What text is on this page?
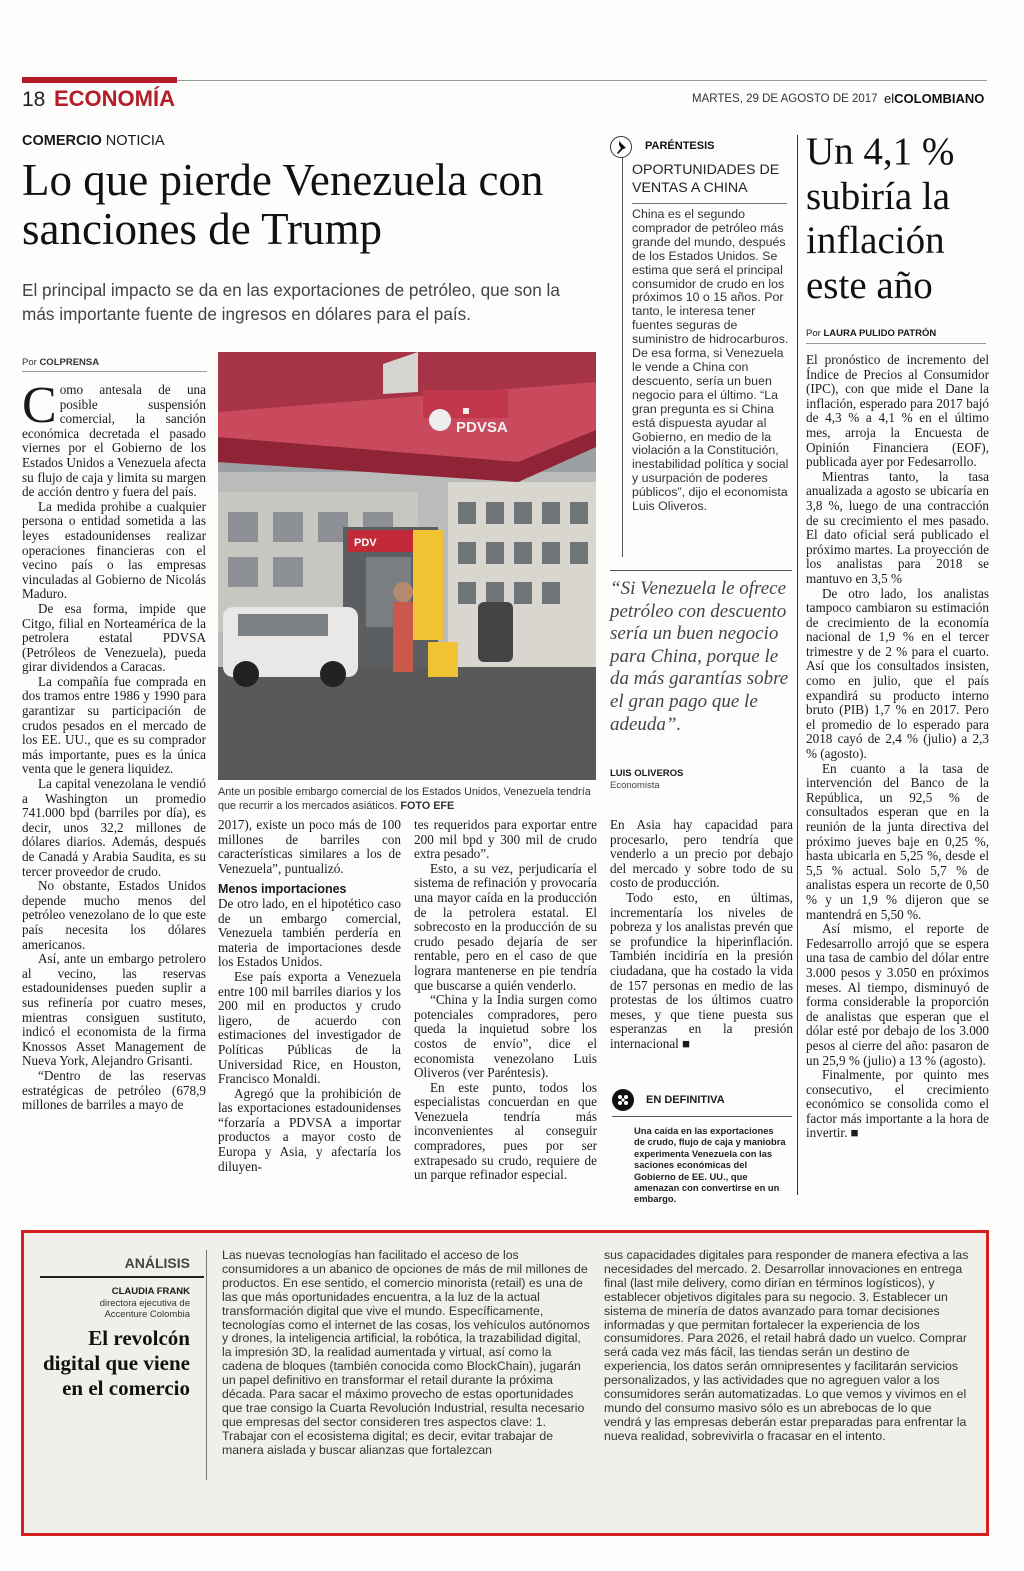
18 ECONOMÍA	MARTES, 29 DE AGOSTO DE 2017 elCOLOMBIANO
COMERCIO NOTICIA
Lo que pierde Venezuela con sanciones de Trump
El principal impacto se da en las exportaciones de petróleo, que son la más importante fuente de ingresos en dólares para el país.
Por COLPRENSA
PDVSA
PDV
Ante un posible embargo comercial de los Estados Unidos, Venezuela tendría que recurrir a los mercados asiáticos. FOTO EFE

Como antesala de una posible suspensión comercial, la sanción económica decretada el pasado viernes por el Gobierno de los Estados Unidos a Venezuela afecta su flujo de caja y limita su margen de acción dentro y fuera del país.

La medida prohibe a cualquier persona o entidad sometida a las leyes estadounidenses realizar operaciones financieras con el vecino país o las empresas vinculadas al Gobierno de Nicolás Maduro.

De esa forma, impide que Citgo, filial en Norteamérica de la petrolera estatal PDVSA (Petróleos de Venezuela), pueda girar dividendos a Caracas.

La compañía fue comprada en dos tramos entre 1986 y 1990 para garantizar su participación de crudos pesados en el mercado de los EE. UU., que es su comprador más importante, pues es la única venta que le genera liquidez.

La capital venezolana le vendió a Washington un promedio 741.000 bpd (barriles por día), es decir, unos 32,2 millones de dólares diarios. Además, después de Canadá y Arabia Saudita, es su tercer proveedor de crudo.

No obstante, Estados Unidos depende mucho menos del petróleo venezolano de lo que este país necesita los dólares americanos.

Así, ante un embargo petrolero al vecino, las reservas estadounidenses pueden suplir a sus refinería por cuatro meses, mientras consiguen sustituto, indicó el economista de la firma Knossos Asset Management de Nueva York, Alejandro Grisanti.

“Dentro de las reservas estratégicas de petróleo (678,9 millones de barriles a mayo de

2017), existe un poco más de 100 millones de barriles con características similares a los de Venezuela”, puntualizó.

Menos importaciones

De otro lado, en el hipotético caso de un embargo comercial, Venezuela también perdería en materia de importaciones desde los Estados Unidos.

Ese país exporta a Venezuela entre 100 mil barriles diarios y los 200 mil en productos y crudo ligero, de acuerdo con estimaciones del investigador de Políticas Públicas de la Universidad Rice, en Houston, Francisco Monaldi.

Agregó que la prohibición de las exportaciones estadounidenses “forzaría a PDVSA a importar productos a mayor costo de Europa y Asia, y afectaría los diluyen-

tes requeridos para exportar entre 200 mil bpd y 300 mil de crudo extra pesado”.

Esto, a su vez, perjudicaría el sistema de refinación y provocaría una mayor caída en la producción de la petrolera estatal. El sobrecosto en la producción de su crudo pesado dejaría de ser rentable, pero en el caso de que lograra mantenerse en pie tendría que buscarse a quién venderlo.

“China y la India surgen como potenciales compradores, pero queda la inquietud sobre los costos de envío”, dice el economista venezolano Luis Oliveros (ver Paréntesis).

En este punto, todos los especialistas concuerdan en que Venezuela tendría más inconvenientes al conseguir compradores, pues por ser extrapesado su crudo, requiere de un parque refinador especial.

PARÉNTESIS
OPORTUNIDADES DE VENTAS A CHINA
China es el segundo comprador de petróleo más grande del mundo, después de los Estados Unidos. Se estima que será el principal consumidor de crudo en los próximos 10 o 15 años. Por tanto, le interesa tener fuentes seguras de suministro de hidrocarburos. De esa forma, si Venezuela le vende a China con descuento, sería un buen negocio para el último. “La gran pregunta es si China está dispuesta ayudar al Gobierno, en medio de la violación a la Constitución, inestabilidad política y social y usurpación de poderes públicos”, dijo el economista Luis Oliveros.
“Si Venezuela le ofrece petróleo con descuento sería un buen negocio para China, porque le da más garantías sobre el gran pago que le adeuda”.
LUIS OLIVEROS
Economista

En Asia hay capacidad para procesarlo, pero tendría que venderlo a un precio por debajo del mercado y sobre todo de su costo de producción.

Todo esto, en últimas, incrementaría los niveles de pobreza y los analistas prevén que se profundice la hiperinflación. También incidiría en la presión ciudadana, que ha costado la vida de 157 personas en medio de las protestas de los últimos cuatro meses, y que tiene puesta sus esperanzas en la presión internacional ■

EN DEFINITIVA
Una caída en las exportaciones de crudo, flujo de caja y maniobra experimenta Venezuela con las saciones económicas del Gobierno de EE. UU., que amenazan con convertirse en un embargo.
Un 4,1 % subiría la inflación este año
Por LAURA PULIDO PATRÓN

El pronóstico de incremento del Índice de Precios al Consumidor (IPC), con que mide el Dane la inflación, esperado para 2017 bajó de 4,3 % a 4,1 % en el último mes, arroja la Encuesta de Opinión Financiera (EOF), publicada ayer por Fedesarrollo.

Mientras tanto, la tasa anualizada a agosto se ubicaría en 3,8 %, luego de una contracción de su crecimiento el mes pasado. El dato oficial será publicado el próximo martes. La proyección de los analistas para 2018 se mantuvo en 3,5 %

De otro lado, los analistas tampoco cambiaron su estimación de crecimiento de la economía nacional de 1,9 % en el tercer trimestre y de 2 % para el cuarto. Así que los consultados insisten, como en julio, que el país expandirá su producto interno bruto (PIB) 1,7 % en 2017. Pero el promedio de lo esperado para 2018 cayó de 2,4 % (julio) a 2,3 % (agosto).

En cuanto a la tasa de intervención del Banco de la República, un 92,5 % de consultados esperan que en la reunión de la junta directiva del próximo jueves baje en 0,25 %, hasta ubicarla en 5,25 %, desde el 5,5 % actual. Solo 5,7 % de analistas espera un recorte de 0,50 % y un 1,9 % dijeron que se mantendrá en 5,50 %.

Así mismo, el reporte de Fedesarrollo arrojó que se espera una tasa de cambio del dólar entre 3.000 pesos y 3.050 en próximos meses. Al tiempo, disminuyó de forma considerable la proporción de analistas que esperan que el dólar esté por debajo de los 3.000 pesos al cierre del año: pasaron de un 25,9 % (julio) a 13 % (agosto).

Finalmente, por quinto mes consecutivo, el crecimiento económico se consolida como el factor más importante a la hora de invertir. ■

ANÁLISIS
CLAUDIA FRANK
directora ejecutiva de Accenture Colombia
El revolcón digital que viene en el comercio
Las nuevas tecnologías han facilitado el acceso de los consumidores a un abanico de opciones de más de mil millones de productos. En ese sentido, el comercio minorista (retail) es una de las que más oportunidades encuentra, a la luz de la actual transformación digital que vive el mundo. Específicamente, tecnologías como el internet de las cosas, los vehículos autónomos y drones, la inteligencia artificial, la robótica, la trazabilidad digital, la impresión 3D, la realidad aumentada y virtual, así como la cadena de bloques (también conocida como BlockChain), jugarán un papel definitivo en transformar el retail durante la próxima década. Para sacar el máximo provecho de estas oportunidades que trae consigo la Cuarta Revolución Industrial, resulta necesario que empresas del sector consideren tres aspectos clave: 1. Trabajar con el ecosistema digital; es decir, evitar trabajar de manera aislada y buscar alianzas que fortalezcan
sus capacidades digitales para responder de manera efectiva a las necesidades del mercado. 2. Desarrollar innovaciones en entrega final (last mile delivery, como dirían en términos logísticos), y establecer objetivos digitales para su negocio. 3. Establecer un sistema de minería de datos avanzado para tomar decisiones informadas y que permitan fortalecer la experiencia de los consumidores. Para 2026, el retail habrá dado un vuelco. Comprar será cada vez más fácil, las tiendas serán un destino de experiencia, los datos serán omnipresentes y facilitarán servicios personalizados, y las actividades que no agreguen valor a los consumidores serán automatizadas. Lo que vemos y vivimos en el mundo del consumo masivo sólo es un abrebocas de lo que vendrá y las empresas deberán estar preparadas para enfrentar la nueva realidad, sobrevivirla o fracasar en el intento.
